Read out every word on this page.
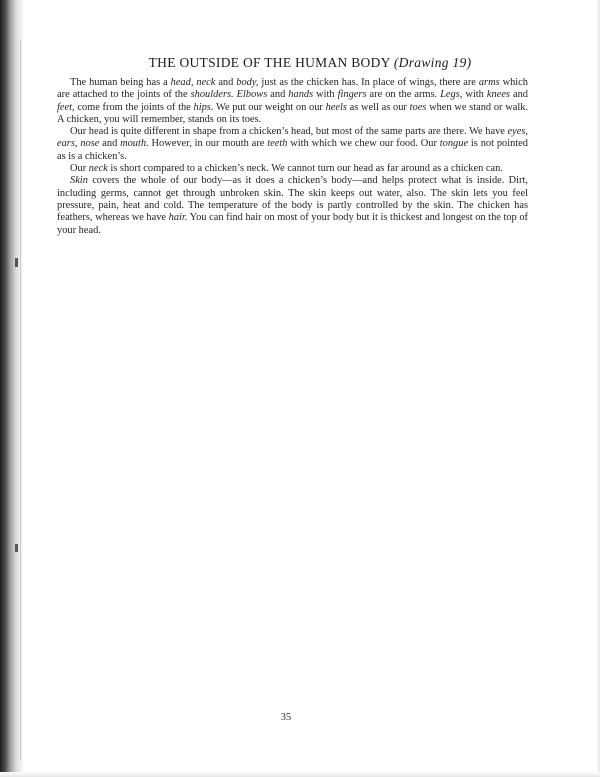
THE OUTSIDE OF THE HUMAN BODY (Drawing 19)

The human being has a head, neck and body, just as the chicken has. In place of wings, there are arms which are attached to the joints of the shoulders. Elbows and hands with fingers are on the arms. Legs, with knees and feet, come from the joints of the hips. We put our weight on our heels as well as our toes when we stand or walk. A chicken, you will remember, stands on its toes.

Our head is quite different in shape from a chicken’s head, but most of the same parts are there. We have eyes, ears, nose and mouth. However, in our mouth are teeth with which we chew our food. Our tongue is not pointed as is a chicken’s.

Our neck is short compared to a chicken’s neck. We cannot turn our head as far around as a chicken can.

Skin covers the whole of our body—as it does a chicken’s body—and helps protect what is inside. Dirt, including germs, cannot get through unbroken skin. The skin keeps out water, also. The skin lets you feel pressure, pain, heat and cold. The temperature of the body is partly controlled by the skin. The chicken has feathers, whereas we have hair. You can find hair on most of your body but it is thickest and longest on the top of your head.

35
